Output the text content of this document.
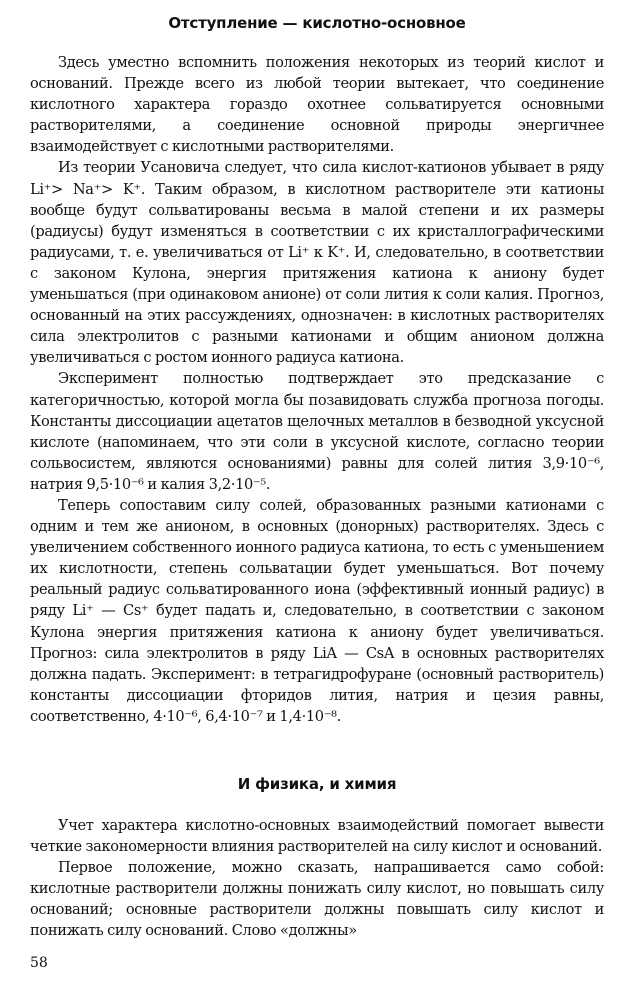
Отступление — кислотно-основное

Здесь уместно вспомнить положения некоторых из теорий кислот и оснований. Прежде всего из любой теории вытекает, что соединение кислотного характера гораздо охотнее сольватируется основными растворителями, а соединение основной природы энергичнее взаимодействует с кислотными растворителями.

Из теории Усановича следует, что сила кислот-катионов убывает в ряду Li⁺> Na⁺> K⁺. Таким образом, в кислотном растворителе эти катионы вообще будут сольватированы весьма в малой степени и их размеры (радиусы) будут изменяться в соответствии с их кристаллографическими радиусами, т. е. увеличиваться от Li⁺ к K⁺. И, следовательно, в соответствии с законом Кулона, энергия притяжения катиона к аниону будет уменьшаться (при одинаковом анионе) от соли лития к соли калия. Прогноз, основанный на этих рассуждениях, однозначен: в кислотных растворителях сила электролитов с разными катионами и общим анионом должна увеличиваться с ростом ионного радиуса катиона.

Эксперимент полностью подтверждает это предсказание с категоричностью, которой могла бы позавидовать служба прогноза погоды. Константы диссоциации ацетатов щелочных металлов в безводной уксусной кислоте (напоминаем, что эти соли в уксусной кислоте, согласно теории сольвосистем, являются основаниями) равны для солей лития 3,9·10⁻⁶, натрия 9,5·10⁻⁶ и калия 3,2·10⁻⁵.

Теперь сопоставим силу солей, образованных разными катионами с одним и тем же анионом, в основных (донорных) растворителях. Здесь с увеличением собственного ионного радиуса катиона, то есть с уменьшением их кислотности, степень сольватации будет уменьшаться. Вот почему реальный радиус сольватированного иона (эффективный ионный радиус) в ряду Li⁺ — Cs⁺ будет падать и, следовательно, в соответствии с законом Кулона энергия притяжения катиона к аниону будет увеличиваться. Прогноз: сила электролитов в ряду LiA — CsA в основных растворителях должна падать. Эксперимент: в тетрагидрофуране (основный растворитель) константы диссоциации фторидов лития, натрия и цезия равны, соответственно, 4·10⁻⁶, 6,4·10⁻⁷ и 1,4·10⁻⁸.

И физика, и химия

Учет характера кислотно-основных взаимодействий помогает вывести четкие закономерности влияния растворителей на силу кислот и оснований.

Первое положение, можно сказать, напрашивается само собой: кислотные растворители должны понижать силу кислот, но повышать силу оснований; основные растворители должны повышать силу кислот и понижать силу оснований. Слово «должны»

58
